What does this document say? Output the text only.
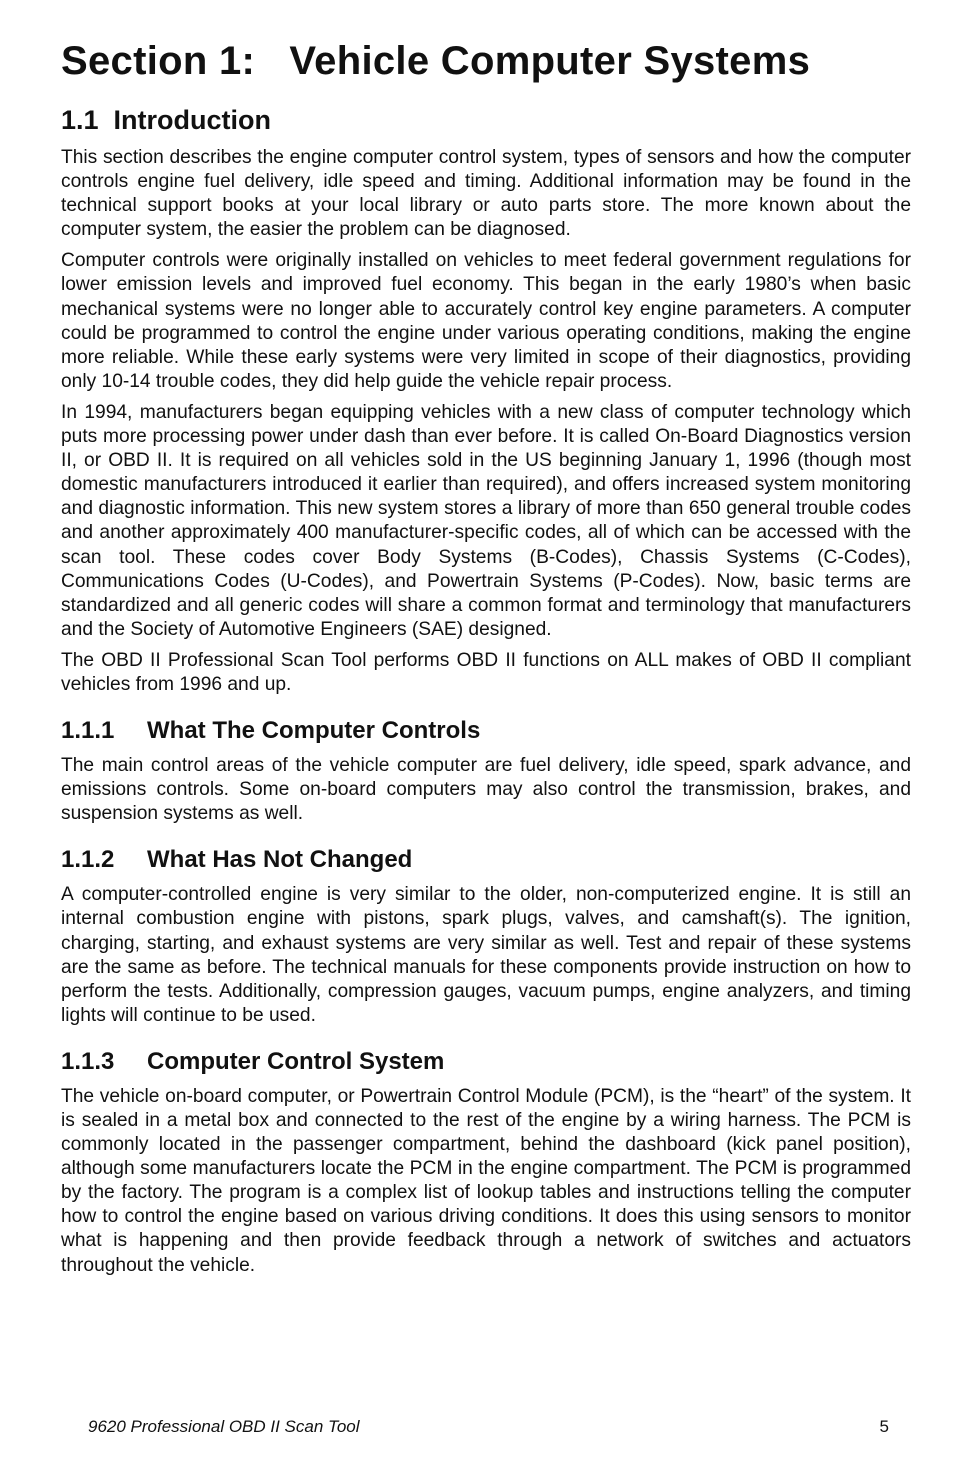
Section 1:   Vehicle Computer Systems
1.1  Introduction

This section describes the engine computer control system, types of sensors and how the computer controls engine fuel delivery, idle speed and timing. Additional information may be found in the technical support books at your local library or auto parts store. The more known about the computer system, the easier the problem can be diagnosed.

Computer controls were originally installed on vehicles to meet federal government regulations for lower emission levels and improved fuel economy. This began in the early 1980’s when basic mechanical systems were no longer able to accurately control key engine parameters. A computer could be programmed to control the engine under various operating conditions, making the engine more reliable. While these early systems were very limited in scope of their diagnostics, providing only 10-14 trouble codes, they did help guide the vehicle repair process.

In 1994, manufacturers began equipping vehicles with a new class of computer technology which puts more processing power under dash than ever before. It is called On-Board Diagnostics version II, or OBD II. It is required on all vehicles sold in the US beginning January 1, 1996 (though most domestic manufacturers introduced it earlier than required), and offers increased system monitoring and diagnostic information. This new system stores a library of more than 650 general trouble codes and another approximately 400 manufacturer-specific codes, all of which can be accessed with the scan tool. These codes cover Body Systems (B-Codes), Chassis Systems (C-Codes), Communications Codes (U-Codes), and Powertrain Systems (P-Codes). Now, basic terms are standardized and all generic codes will share a common format and terminology that manufacturers and the Society of Automotive Engineers (SAE) designed.

The OBD II Professional Scan Tool performs OBD II functions on ALL makes of OBD II compliant vehicles from 1996 and up.

1.1.1 What The Computer Controls

The main control areas of the vehicle computer are fuel delivery, idle speed, spark advance, and emissions controls. Some on-board computers may also control the transmission, brakes, and suspension systems as well.

1.1.2 What Has Not Changed

A computer-controlled engine is very similar to the older, non-computerized engine. It is still an internal combustion engine with pistons, spark plugs, valves, and camshaft(s). The ignition, charging, starting, and exhaust systems are very similar as well. Test and repair of these systems are the same as before. The technical manuals for these components provide instruction on how to perform the tests. Additionally, compression gauges, vacuum pumps, engine analyzers, and timing lights will continue to be used.

1.1.3 Computer Control System

The vehicle on-board computer, or Powertrain Control Module (PCM), is the “heart” of the system. It is sealed in a metal box and connected to the rest of the engine by a wiring harness. The PCM is commonly located in the passenger compartment, behind the dashboard (kick panel position), although some manufacturers locate the PCM in the engine compartment. The PCM is programmed by the factory. The program is a complex list of lookup tables and instructions telling the computer how to control the engine based on various driving conditions. It does this using sensors to monitor what is happening and then provide feedback through a network of switches and actuators throughout the vehicle.

9620 Professional OBD II Scan Tool	5
